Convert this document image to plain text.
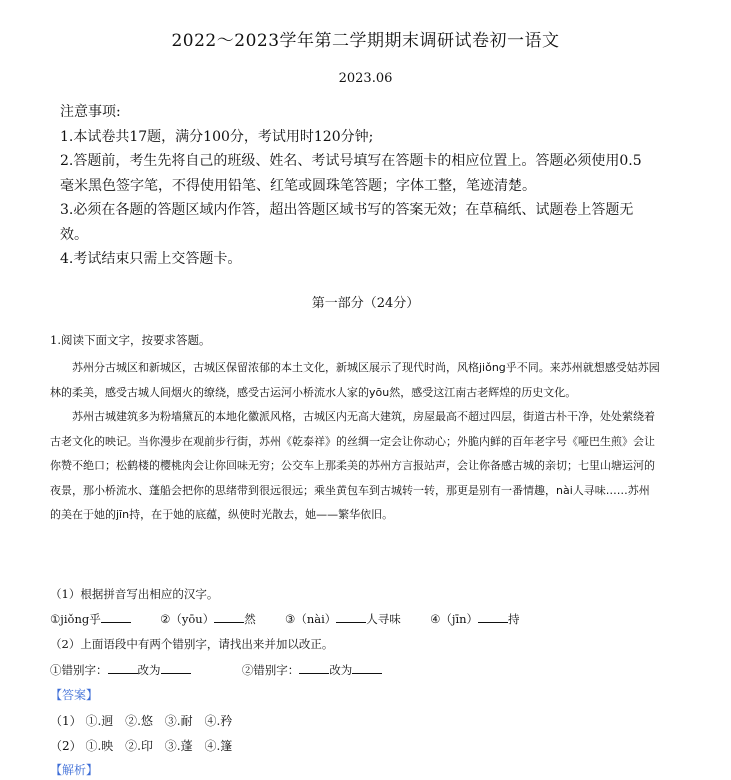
2022～2023学年第二学期期末调研试卷初一语文
2023.06

注意事项:

1.本试卷共17题，满分100分，考试用时120分钟;

2.答题前，考生先将自己的班级、姓名、考试号填写在答题卡的相应位置上。答题必须使用0.5毫米黑色签字笔，不得使用铅笔、红笔或圆珠笔答题；字体工整，笔迹清楚。

3.必须在各题的答题区域内作答，超出答题区域书写的答案无效；在草稿纸、试题卷上答题无效。

4.考试结束只需上交答题卡。

第一部分（24分）
1.阅读下面文字，按要求答题。

苏州分古城区和新城区，古城区保留浓郁的本土文化，新城区展示了现代时尚，风格jiǒng乎不同。来苏州就想感受姑苏园林的柔美，感受古城人间烟火的缭绕，感受古运河小桥流水人家的yōu然，感受这江南古老辉煌的历史文化。

苏州古城建筑多为粉墙黛瓦的本地化徽派风格，古城区内无高大建筑，房屋最高不超过四层，街道古朴干净，处处萦绕着古老文化的映记。当你漫步在观前步行街，苏州《乾泰祥》的丝绸一定会让你动心；外脆内鲜的百年老字号《哑巴生煎》会让你赞不绝口；松鹤楼的樱桃肉会让你回味无穷；公交车上那柔美的苏州方言报站声，会让你备感古城的亲切；七里山塘运河的夜景，那小桥流水、蓬船会把你的思绪带到很远很远；乘坐黄包车到古城转一转，那更是别有一番情趣，nài人寻味……苏州的美在于她的jīn持，在于她的底蕴，纵使时光散去，她——繁华依旧。

（1）根据拼音写出相应的汉字。
①jiǒng乎	②（yōu）	然	③（nài）	人寻味	④（jīn）	持
（2）上面语段中有两个错别字，请找出来并加以改正。
①错别字：	改为	②错别字：	改为
【答案】
（1） ①.迥 ②.悠 ③.耐 ④.矜
（2） ①.映 ②.印 ③.蓬 ④.篷
【解析】
